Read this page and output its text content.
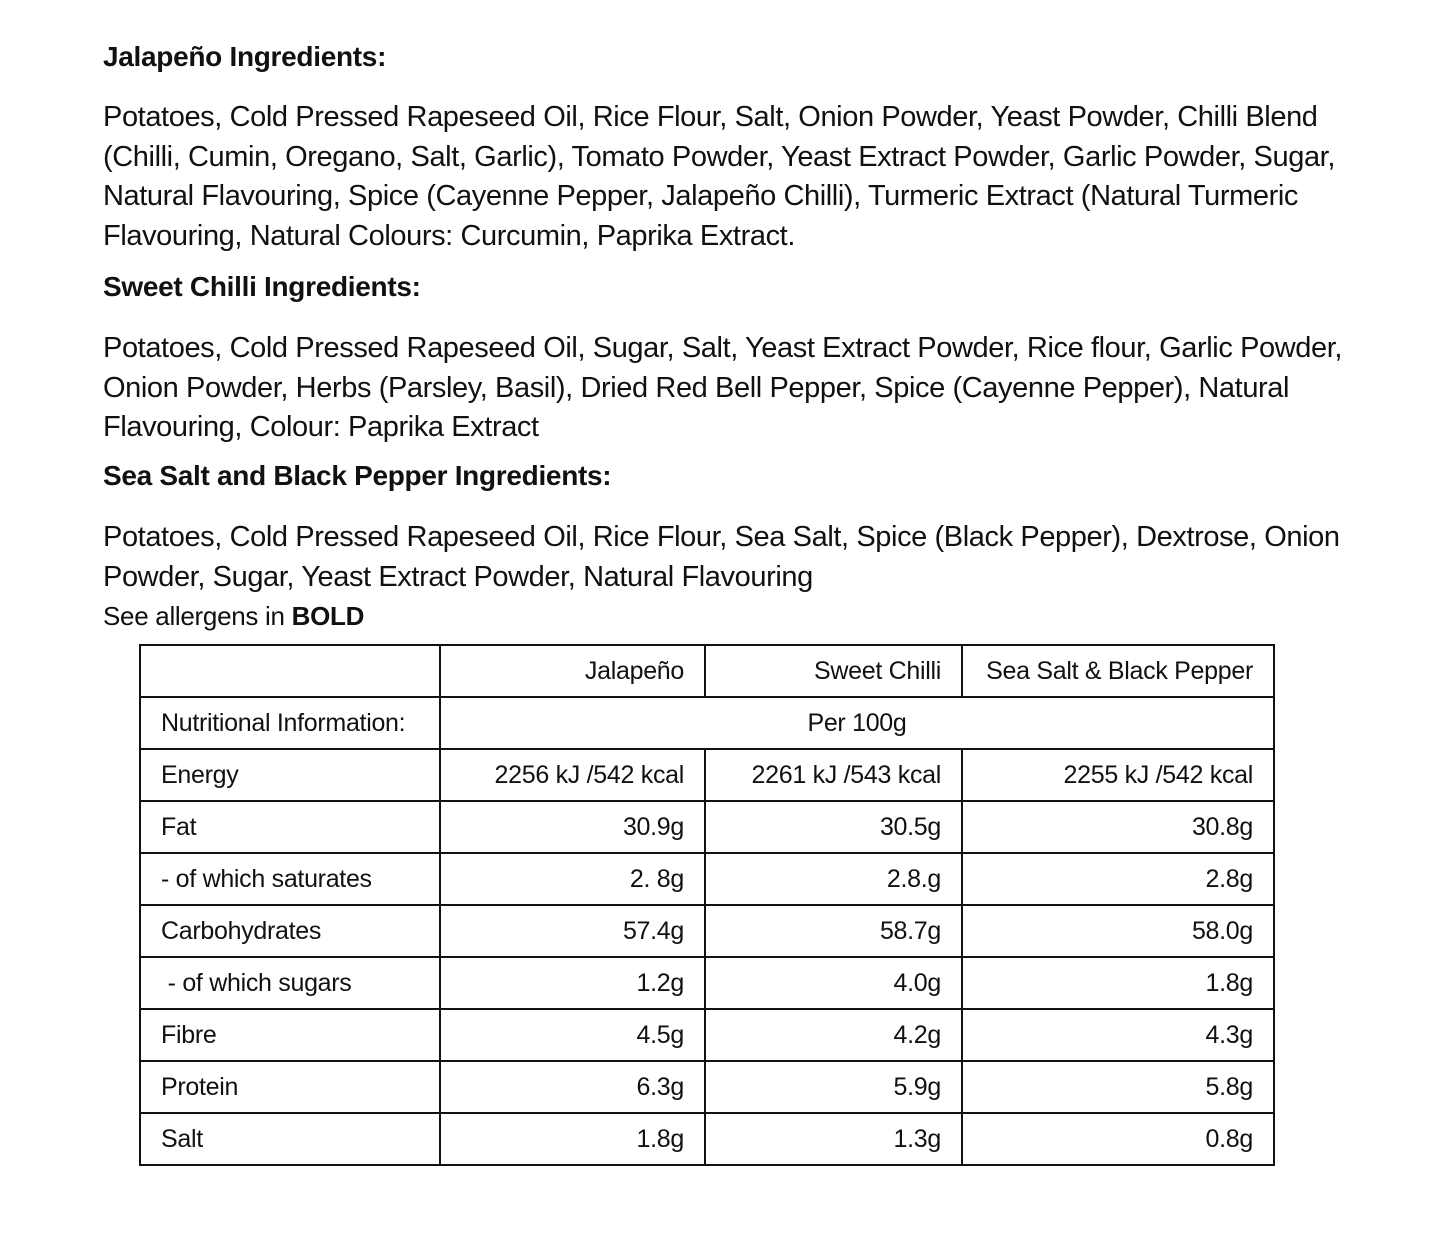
Jalapeño Ingredients:

Potatoes, Cold Pressed Rapeseed Oil, Rice Flour, Salt, Onion Powder, Yeast Powder, Chilli Blend (Chilli, Cumin, Oregano, Salt, Garlic), Tomato Powder, Yeast Extract Powder, Garlic Powder, Sugar, Natural Flavouring, Spice (Cayenne Pepper, Jalapeño Chilli), Turmeric Extract (Natural Turmeric Flavouring, Natural Colours: Curcumin, Paprika Extract.

Sweet Chilli Ingredients:

Potatoes, Cold Pressed Rapeseed Oil, Sugar, Salt, Yeast Extract Powder, Rice flour, Garlic Powder, Onion Powder, Herbs (Parsley, Basil), Dried Red Bell Pepper, Spice (Cayenne Pepper), Natural Flavouring, Colour: Paprika Extract

Sea Salt and Black Pepper Ingredients:

Potatoes, Cold Pressed Rapeseed Oil, Rice Flour, Sea Salt, Spice (Black Pepper), Dextrose, Onion Powder, Sugar, Yeast Extract Powder, Natural Flavouring

See allergens in BOLD
	Jalapeño	Sweet Chilli	Sea Salt & Black Pepper
Nutritional Information:	Per 100g		
Energy	2256 kJ /542 kcal	2261 kJ /543 kcal	2255 kJ /542 kcal
Fat	30.9g	30.5g	30.8g
- of which saturates	2. 8g	2.8.g	2.8g
Carbohydrates	57.4g	58.7g	58.0g
- of which sugars	1.2g	4.0g	1.8g
Fibre	4.5g	4.2g	4.3g
Protein	6.3g	5.9g	5.8g
Salt	1.8g	1.3g	0.8g
